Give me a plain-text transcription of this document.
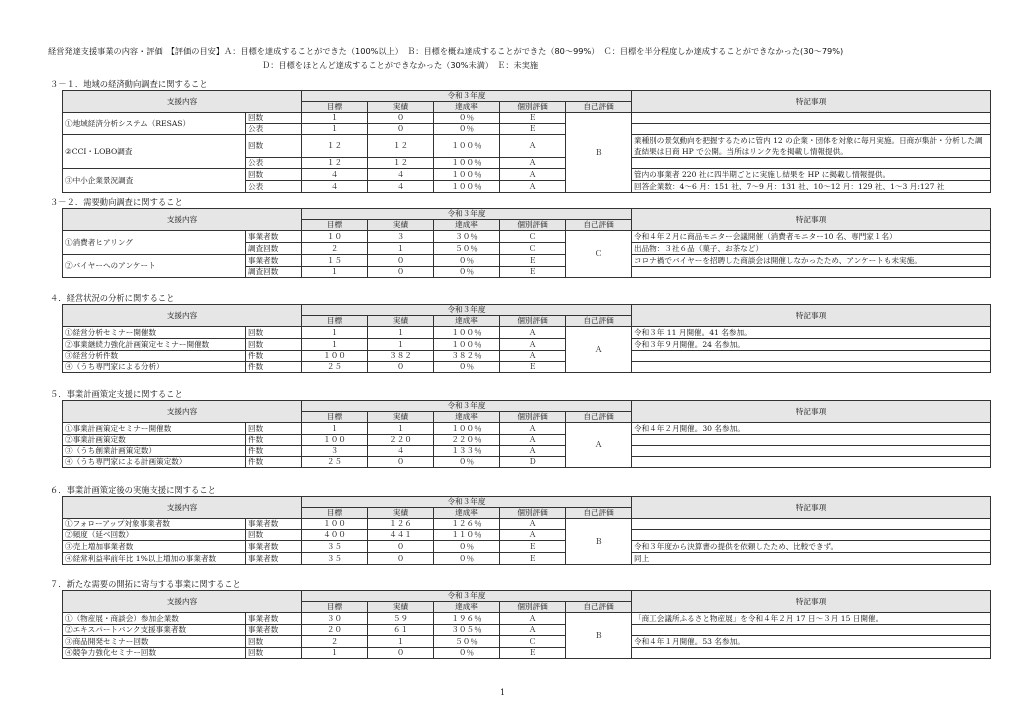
経営発達支援事業の内容・評価　【評価の目安】Ａ：目標を達成することができた（100%以上）　Ｂ：目標を概ね達成することができた（80～99%）　Ｃ：目標を半分程度しか達成することができなかった(30～79%)
Ｄ：目標をほとんど達成することができなかった（30%未満）　Ｅ：未実施
３－１．地域の経済動向調査に関すること
支援内容		令和３年度					特記事項
		目標	実績	達成率	個別評価	自己評価	
①地域経済分析システム（RESAS）	回数	１	０	０％	Ｅ	Ｂ	
	公表	１	０	０％	Ｅ		
②CCI・LOBO調査	回数	１２	１２	１００％	Ａ		業種別の景気動向を把握するために管内 12 の企業・団体を対象に毎月実施。日商が集計・分析した調査結果は日商 HP で公開。当所はリンク先を掲載し情報提供。
	公表	１２	１２	１００％	Ａ		
③中小企業景況調査	回数	４	４	１００％	Ａ		管内の事業者 220 社に四半期ごとに実施し結果を HP に掲載し情報提供。
	公表	４	４	１００％	Ａ		回答企業数：4～6 月：151 社、7～9 月：131 社、10～12 月：129 社、1～3 月:127 社
３－２．需要動向調査に関すること
支援内容		令和３年度					特記事項
		目標	実績	達成率	個別評価	自己評価	
①消費者ヒアリング	事業者数	１０	３	３０％	Ｃ	Ｃ	令和４年２月に商品モニター会議開催（消費者モニター10 名、専門家１名）
	調査回数	２	１	５０％	Ｃ		出品物：３社６品（菓子、お茶など）
②バイヤーへのアンケート	事業者数	１５	０	０％	Ｅ		コロナ禍でバイヤーを招聘した商談会は開催しなかったため、アンケートも未実施。
	調査回数	１	０	０％	Ｅ		
４．経営状況の分析に関すること
支援内容		令和３年度					特記事項
		目標	実績	達成率	個別評価	自己評価	
①経営分析セミナー開催数	回数	１	１	１００％	Ａ	Ａ	令和３年 11 月開催。41 名参加。
②事業継続力強化計画策定セミナー開催数	回数	１	１	１００％	Ａ		令和３年９月開催。24 名参加。
③経営分析件数	件数	１００	３８２	３８２％	Ａ		
④（うち専門家による分析）	件数	２５	０	０％	Ｅ		
５．事業計画策定支援に関すること
支援内容		令和３年度					特記事項
		目標	実績	達成率	個別評価	自己評価	
①事業計画策定セミナー開催数	回数	１	１	１００％	Ａ	Ａ	令和４年２月開催。30 名参加。
②事業計画策定数	件数	１００	２２０	２２０％	Ａ		
③（うち創業計画策定数）	件数	３	４	１３３％	Ａ		
④（うち専門家による計画策定数）	件数	２５	０	０％	Ｄ		
６．事業計画策定後の実施支援に関すること
支援内容		令和３年度					特記事項
		目標	実績	達成率	個別評価	自己評価	
①フォローアップ対象事業者数	事業者数	１００	１２６	１２６％	Ａ	Ｂ	
②頻度（延べ回数）	回数	４００	４４１	１１０％	Ａ		
③売上増加事業者数	事業者数	３５	０	０％	Ｅ		令和３年度から決算書の提供を依頼したため、比較できず。
④経常利益率前年比 1%以上増加の事業者数	事業者数	３５	０	０％	Ｅ		同上
７．新たな需要の開拓に寄与する事業に関すること
支援内容		令和３年度					特記事項
		目標	実績	達成率	個別評価	自己評価	
①（物産展・商談会）参加企業数	事業者数	３０	５９	１９６％	Ａ	Ｂ	「商工会議所ふるさと物産展」を令和４年２月 17 日～３月 15 日開催。
②エキスパートバンク支援事業者数	事業者数	２０	６１	３０５％	Ａ		
③商品開発セミナー回数	回数	２	１	５０％	Ｃ		令和４年１月開催。53 名参加。
④競争力強化セミナー回数	回数	１	０	０％	Ｅ		
1
